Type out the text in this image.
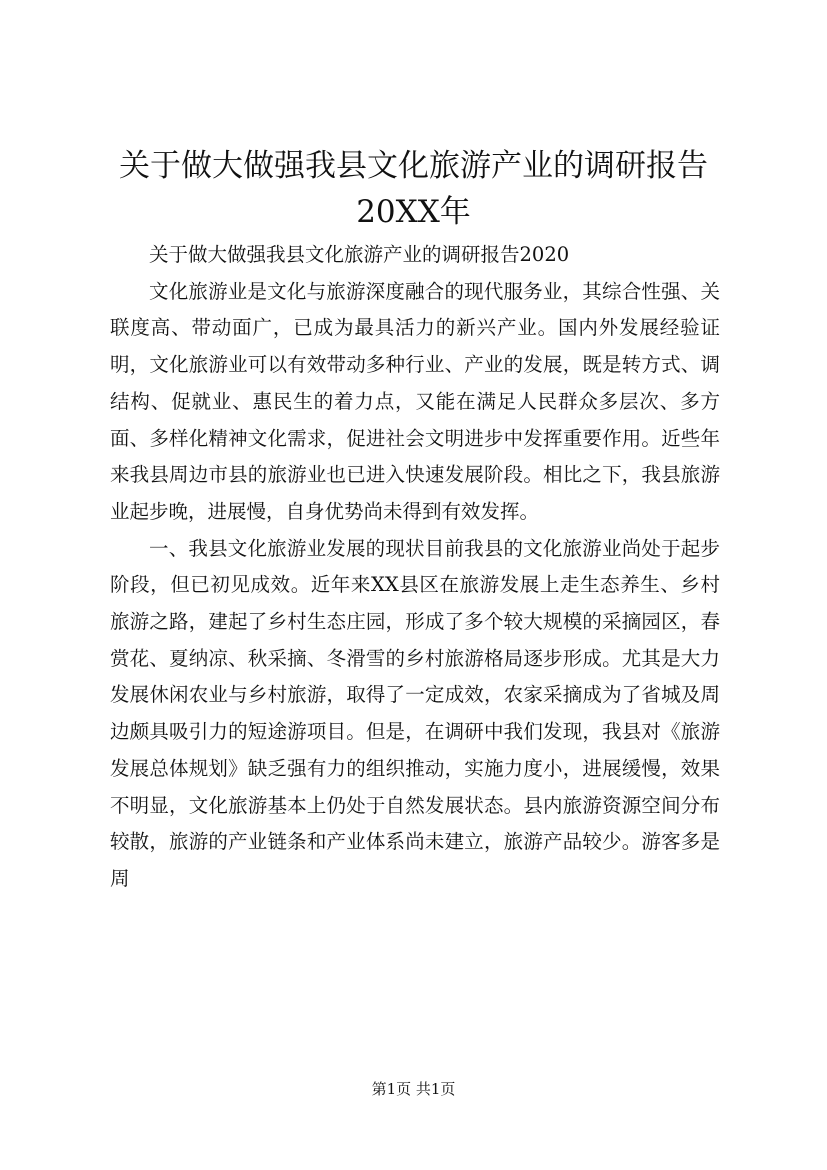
关于做大做强我县文化旅游产业的调研报告
20XX年

关于做大做强我县文化旅游产业的调研报告2020

文化旅游业是文化与旅游深度融合的现代服务业，其综合性强、关联度高、带动面广，已成为最具活力的新兴产业。国内外发展经验证明，文化旅游业可以有效带动多种行业、产业的发展，既是转方式、调结构、促就业、惠民生的着力点，又能在满足人民群众多层次、多方面、多样化精神文化需求，促进社会文明进步中发挥重要作用。近些年来我县周边市县的旅游业也已进入快速发展阶段。相比之下，我县旅游业起步晚，进展慢，自身优势尚未得到有效发挥。

一、我县文化旅游业发展的现状目前我县的文化旅游业尚处于起步阶段，但已初见成效。近年来XX县区在旅游发展上走生态养生、乡村旅游之路，建起了乡村生态庄园，形成了多个较大规模的采摘园区，春赏花、夏纳凉、秋采摘、冬滑雪的乡村旅游格局逐步形成。尤其是大力发展休闲农业与乡村旅游，取得了一定成效，农家采摘成为了省城及周边颇具吸引力的短途游项目。但是，在调研中我们发现，我县对《旅游发展总体规划》缺乏强有力的组织推动，实施力度小，进展缓慢，效果不明显，文化旅游基本上仍处于自然发展状态。县内旅游资源空间分布较散，旅游的产业链条和产业体系尚未建立，旅游产品较少。游客多是周

第1页 共1页
